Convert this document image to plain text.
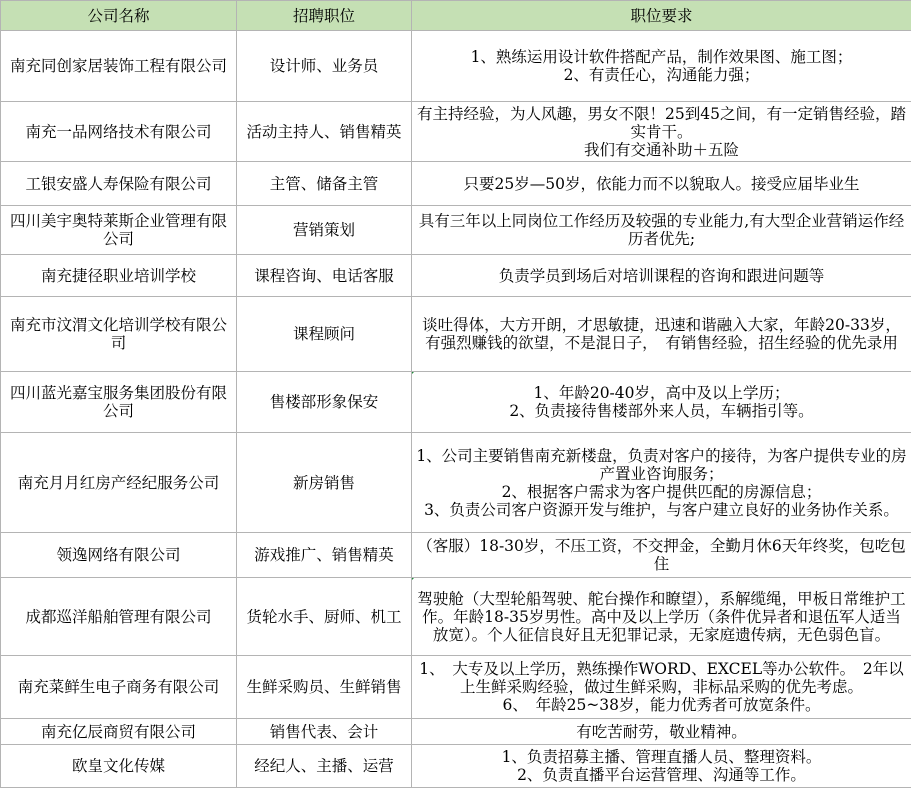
公司名称	招聘职位	职位要求
南充同创家居装饰工程有限公司	设计师、业务员	1、熟练运用设计软件搭配产品，制作效果图、施工图；
2、有责任心，沟通能力强；

南充一品网络技术有限公司	活动主持人、销售精英	有主持经验，为人风趣，男女不限！25到45之间，有一定销售经验，踏实肯干。
我们有交通补助＋五险

工银安盛人寿保险有限公司	主管、储备主管	只要25岁—50岁，依能力而不以貌取人。接受应届毕业生

四川美宇奥特莱斯企业管理有限公司	营销策划	具有三年以上同岗位工作经历及较强的专业能力,有大型企业营销运作经历者优先;

南充捷径职业培训学校	课程咨询、电话客服	负责学员到场后对培训课程的咨询和跟进问题等

南充市汶渭文化培训学校有限公司	课程顾问	谈吐得体，大方开朗，才思敏捷，迅速和谐融入大家，年龄20-33岁，有强烈赚钱的欲望，不是混日子，　有销售经验，招生经验的优先录用

四川蓝光嘉宝服务集团股份有限公司	售楼部形象保安	1、年龄20-40岁，高中及以上学历；
2、负责接待售楼部外来人员，车辆指引等。

南充月月红房产经纪服务公司	新房销售	1、公司主要销售南充新楼盘，负责对客户的接待，为客户提供专业的房产置业咨询服务；
2、根据客户需求为客户提供匹配的房源信息；
3、负责公司客户资源开发与维护，与客户建立良好的业务协作关系。

领逸网络有限公司	游戏推广、销售精英	（客服）18-30岁，不压工资，不交押金，全勤月休6天年终奖，包吃包住

成都巡洋船舶管理有限公司	货轮水手、厨师、机工	驾驶舱（大型轮船驾驶、舵台操作和瞭望），系解缆绳，甲板日常维护工作。年龄18-35岁男性。高中及以上学历（条件优异者和退伍军人适当放宽）。个人征信良好且无犯罪记录，无家庭遗传病，无色弱色盲。

南充菜鲜生电子商务有限公司	生鲜采购员、生鲜销售	1、　大专及以上学历，熟练操作WORD、EXCEL等办公软件。　2年以上生鲜采购经验，做过生鲜采购，非标品采购的优先考虑。
6、　年龄25~38岁，能力优秀者可放宽条件。

南充亿辰商贸有限公司	销售代表、会计	有吃苦耐劳，敬业精神。

欧皇文化传媒	经纪人、主播、运营	1、负责招募主播、管理直播人员、整理资料。
2、负责直播平台运营管理、沟通等工作。
